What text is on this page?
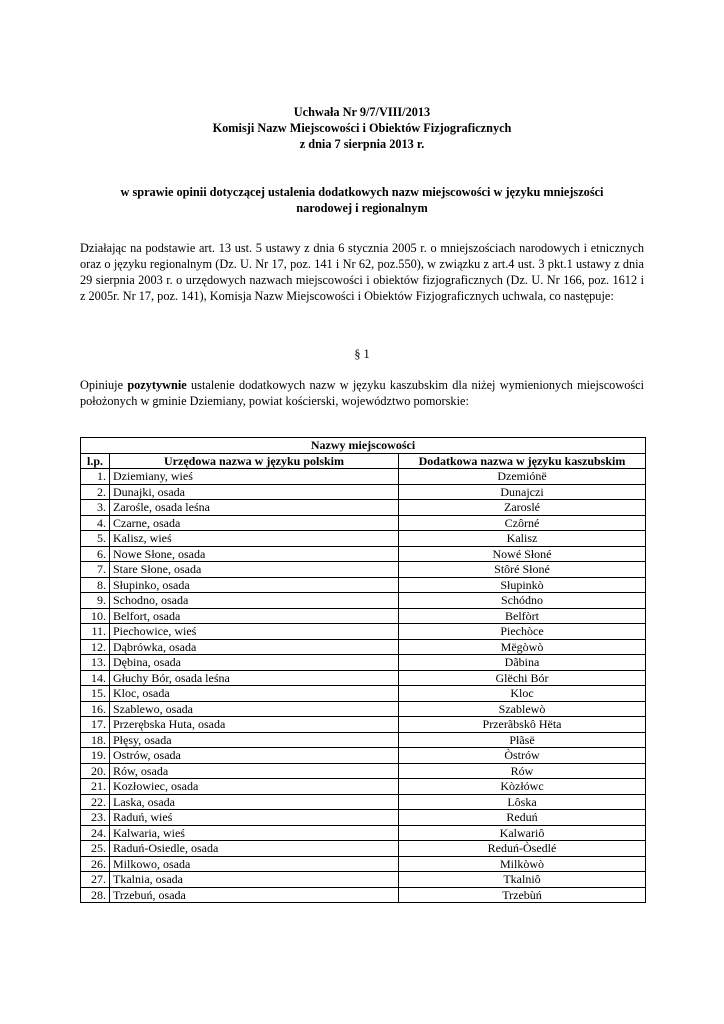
Uchwała Nr 9/7/VIII/2013
Komisji Nazw Miejscowości i Obiektów Fizjograficznych
z dnia 7 sierpnia 2013 r.
w sprawie opinii dotyczącej ustalenia dodatkowych nazw miejscowości w języku mniejszości
narodowej i regionalnym
Działając na podstawie art. 13 ust. 5 ustawy z dnia 6 stycznia 2005 r. o mniejszościach narodowych i etnicznych oraz o języku regionalnym (Dz. U. Nr 17, poz. 141 i Nr 62, poz.550), w związku z art.4 ust. 3 pkt.1 ustawy z dnia 29 sierpnia 2003 r. o urzędowych nazwach miejscowości i obiektów fizjograficznych (Dz. U. Nr 166, poz. 1612 i z 2005r. Nr 17, poz. 141), Komisja Nazw Miejscowości i Obiektów Fizjograficznych uchwala, co następuje:
§ 1
Opiniuje pozytywnie ustalenie dodatkowych nazw w języku kaszubskim dla niżej wymienionych miejscowości położonych w gminie Dziemiany, powiat kościerski, województwo pomorskie:
Nazwy miejscowości		
l.p.	Urzędowa nazwa w języku polskim	Dodatkowa nazwa w języku kaszubskim
1.	Dziemiany, wieś	Dzemiónë
2.	Dunajki, osada	Dunajczi
3.	Zarośle, osada leśna	Zaroslé
4.	Czarne, osada	Czôrné
5.	Kalisz, wieś	Kalisz
6.	Nowe Słone, osada	Nowé Słoné
7.	Stare Słone, osada	Stôré Słoné
8.	Słupinko, osada	Słupinkò
9.	Schodno, osada	Schódno
10.	Belfort, osada	Belfòrt
11.	Piechowice, wieś	Piechòce
12.	Dąbrówka, osada	Mëgòwò
13.	Dębina, osada	Dãbina
14.	Głuchy Bór, osada leśna	Glëchi Bór
15.	Kloc, osada	Kloc
16.	Szablewo, osada	Szablewò
17.	Przerębska Huta, osada	Przerãbskô Hëta
18.	Płęsy, osada	Płãsë
19.	Ostrów, osada	Òstrów
20.	Rów, osada	Rów
21.	Kozłowiec, osada	Kòzłówc
22.	Laska, osada	Lôska
23.	Raduń, wieś	Reduń
24.	Kalwaria, wieś	Kalwariô
25.	Raduń-Osiedle, osada	Reduń-Òsedlé
26.	Milkowo, osada	Milkòwò
27.	Tkalnia, osada	Tkalniô
28.	Trzebuń, osada	Trzebùń
